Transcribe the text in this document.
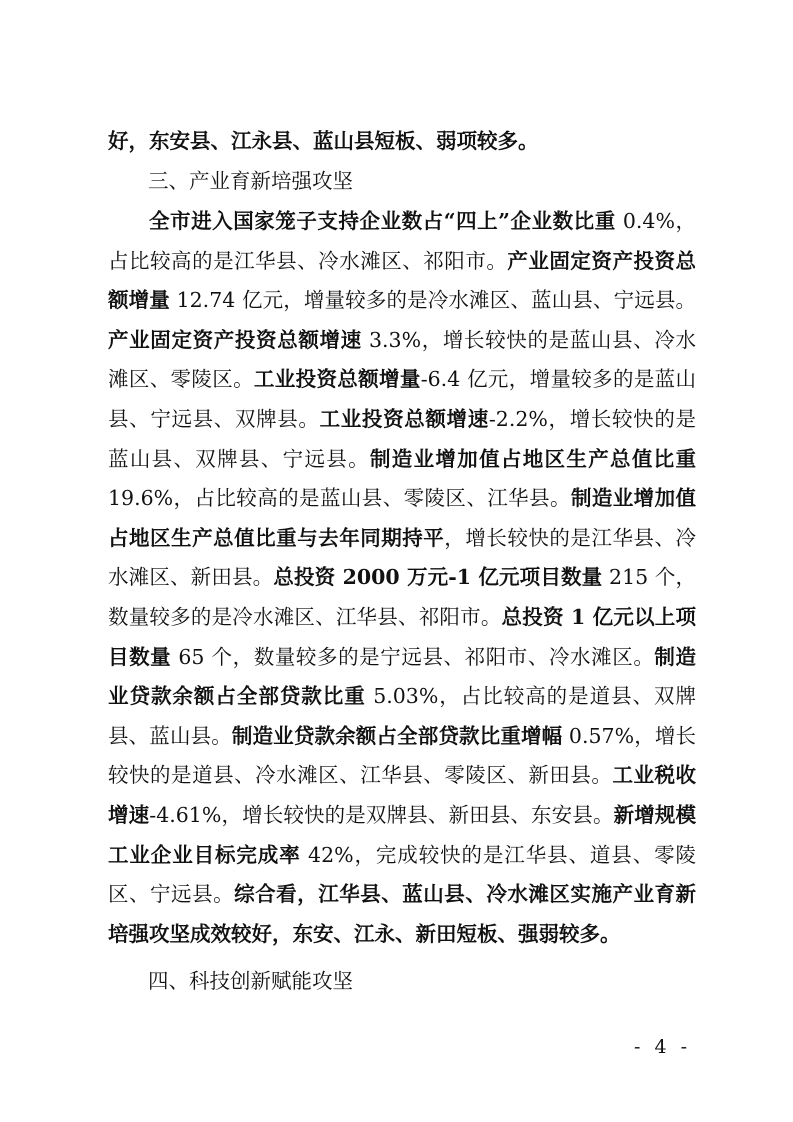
好，东安县、江永县、蓝山县短板、弱项较多。

三、产业育新培强攻坚

全市进入国家笼子支持企业数占“四上”企业数比重 0.4%，占比较高的是江华县、冷水滩区、祁阳市。产业固定资产投资总额增量 12.74 亿元，增量较多的是冷水滩区、蓝山县、宁远县。产业固定资产投资总额增速 3.3%，增长较快的是蓝山县、冷水滩区、零陵区。工业投资总额增量-6.4 亿元，增量较多的是蓝山县、宁远县、双牌县。工业投资总额增速-2.2%，增长较快的是蓝山县、双牌县、宁远县。制造业增加值占地区生产总值比重 19.6%，占比较高的是蓝山县、零陵区、江华县。制造业增加值占地区生产总值比重与去年同期持平，增长较快的是江华县、冷水滩区、新田县。总投资 2000 万元-1 亿元项目数量 215 个，数量较多的是冷水滩区、江华县、祁阳市。总投资 1 亿元以上项目数量 65 个，数量较多的是宁远县、祁阳市、冷水滩区。制造业贷款余额占全部贷款比重 5.03%，占比较高的是道县、双牌县、蓝山县。制造业贷款余额占全部贷款比重增幅 0.57%，增长较快的是道县、冷水滩区、江华县、零陵区、新田县。工业税收增速-4.61%，增长较快的是双牌县、新田县、东安县。新增规模工业企业目标完成率 42%，完成较快的是江华县、道县、零陵区、宁远县。综合看，江华县、蓝山县、冷水滩区实施产业育新培强攻坚成效较好，东安、江永、新田短板、强弱较多。

四、科技创新赋能攻坚

- 4 -
